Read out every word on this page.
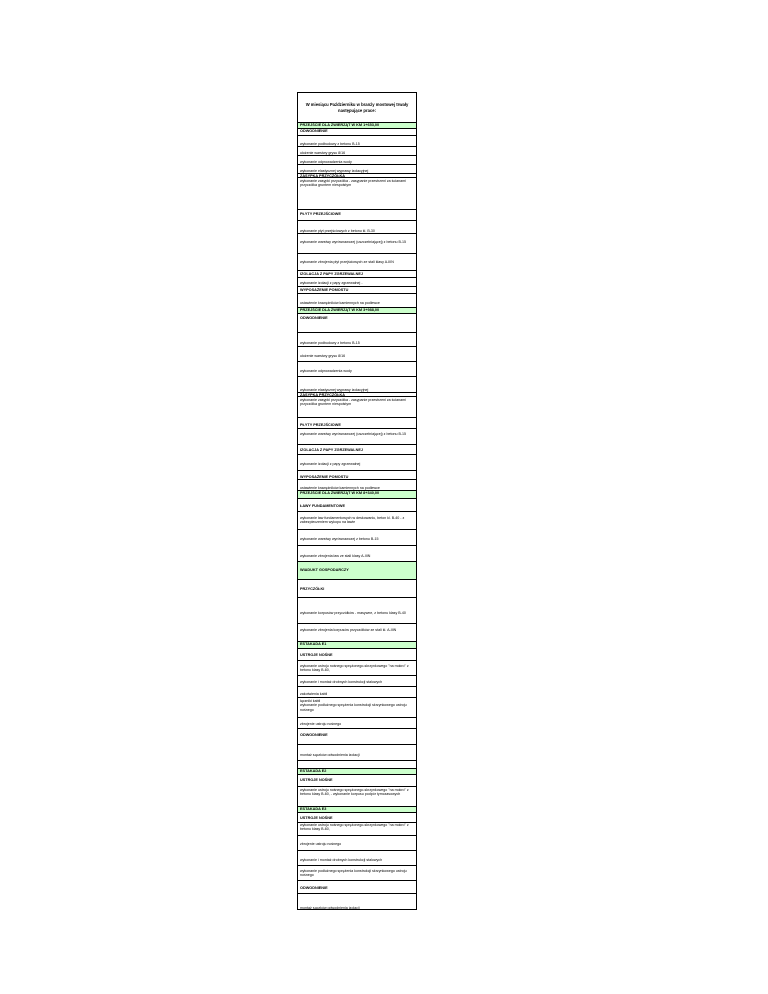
W miesiącu Październiku w branży mostowej trwały następujące prace:
PRZEJŚCIE DLA ZWIERZĄT W KM 1+653,00
ODWODNIENIE
wykonanie podbudowy z betonu B-15
ułożenie warstwy grysu 8/16
wykonanie odprowadzenia wody
wykonanie elastycznej wyprawy izolacyjnej
ZASYPKA PRZYCZÓŁKA
wykonanie zasypki przyczółka - zasypanie przestrzeni za ścianami przyczółka gruntem niespoistym
PŁYTY PRZEJŚCIOWE
wykonanie płyt przejściowych z betonu kl. B-30
wykonanie warstwy wyrównawczej (uszczelniającej) z betonu B-15
wykonanie zbrojenia płyt przejściowych ze stali klasy A-IIIN
IZOLACJA Z PAPY ZGRZEWALNEJ
wykonanie izolacji z papy zgrzewalnej -
WYPOSAŻENIE POMOSTU
ustawienie krawężników kamiennych na podlewce
PRZEJŚCIE DLA ZWIERZĄT W KM 3+988,00
ODWODNIENIE
wykonanie podbudowy z betonu B-15
ułożenie warstwy grysu 8/16
wykonanie odprowadzenia wody
wykonanie elastycznej wyprawy izolacyjnej
ZASYPKA PRZYCZÓŁKA
wykonanie zasypki przyczółka - zasypanie przestrzeni za ścianami przyczółka gruntem niespoistym
PŁYTY PRZEJŚCIOWE
wykonanie warstwy wyrównawczej (uszczelniającej) z betonu B-15
IZOLACJA Z PAPY ZGRZEWALNEJ
wykonanie izolacji z papy zgrzewalnej
WYPOSAŻENIE POMOSTU
ustawienie krawężników kamiennych na podlewce
PRZEJŚCIE DLA ZWIERZĄT W KM 8+340,00
ŁAWY FUNDAMENTOWE
wykonanie ław fundamentowych w deskowaniu, beton kl. B-40 - z zabezpieczeniem wykopu na ławie
wykonanie warstwy wyrównawczej z betonu B-15
wykonanie zbrojenia ław ze stali klasy A-IIIN
WIADUKT GOSPODARCZY
PRZYCZÓŁKI
wykonanie korpusów przyczółków - masywne, z betonu klasy B-40
wykonanie zbrojenia korpusów przyczółków ze stali kl. A-IIIN
ESTAKADA E1
USTROJE NOŚNE
wykonanie ustroju nośnego sprężonego-skrzynkowego "na mokro" z betonu klasy B-60,
wykonanie i montaż drobnych konstrukcji stalowych
zakotwienia kabli
łączniki kabli
wykonanie podłużnego sprężenia konstrukcji skrzynkowego ustroju nośnego
zbrojenie ustroju nośnego
ODWODNIENIE
montaż sączków odwodnienia izolacji
ESTAKADA E2
USTROJE NOŚNE
wykonanie ustroju nośnego sprężonego-skrzynkowego "na mokro" z betonu klasy B-60, - wykonanie korpusu podpór tymczasowych
ESTAKADA E3
USTROJE NOŚNE
wykonanie ustroju nośnego sprężonego-skrzynkowego "na mokro" z betonu klasy B-60,
zbrojenie ustroju nośnego
wykonanie i montaż drobnych konstrukcji stalowych
wykonanie podłużnego sprężenia konstrukcji skrzynkowego ustroju nośnego
ODWODNIENIE
montaż sączków odwodnienia izolacji
